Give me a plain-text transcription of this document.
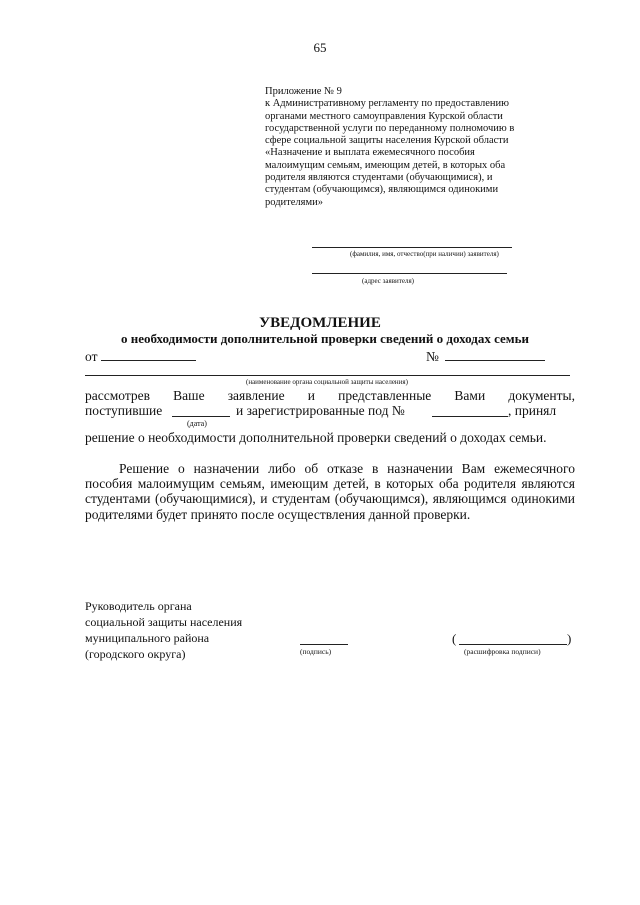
65
Приложение № 9
к Административному регламенту по предоставлению
органами местного самоуправления Курской области
государственной услуги по переданному полномочию в
сфере социальной защиты населения Курской области
«Назначение и выплата ежемесячного пособия
малоимущим семьям, имеющим детей, в которых оба
родителя являются студентами (обучающимися), и
студентам (обучающимся), являющимся одинокими
родителями»
(фамилия, имя, отчество(при наличии) заявителя)
(адрес заявителя)
УВЕДОМЛЕНИЕ
о необходимости дополнительной проверки сведений о доходах семьи
от	№
(наименование органа социальной защиты населения)
рассмотрев Ваше заявление и представленные Вами документы,
поступившие
(дата)
и зарегистрированные под №	, принял
решение о необходимости дополнительной проверки сведений о доходах семьи.
Решение о назначении либо об отказе в назначении Вам ежемесячного пособия малоимущим семьям, имеющим детей, в которых оба родителя являются студентами (обучающимися), и студентам (обучающимся), являющимся одинокими родителями будет принято после осуществления данной проверки.
Руководитель органа
социальной защиты населения
муниципального района
(городского округа)	(подпись)
(	)
(расшифровка подписи)
